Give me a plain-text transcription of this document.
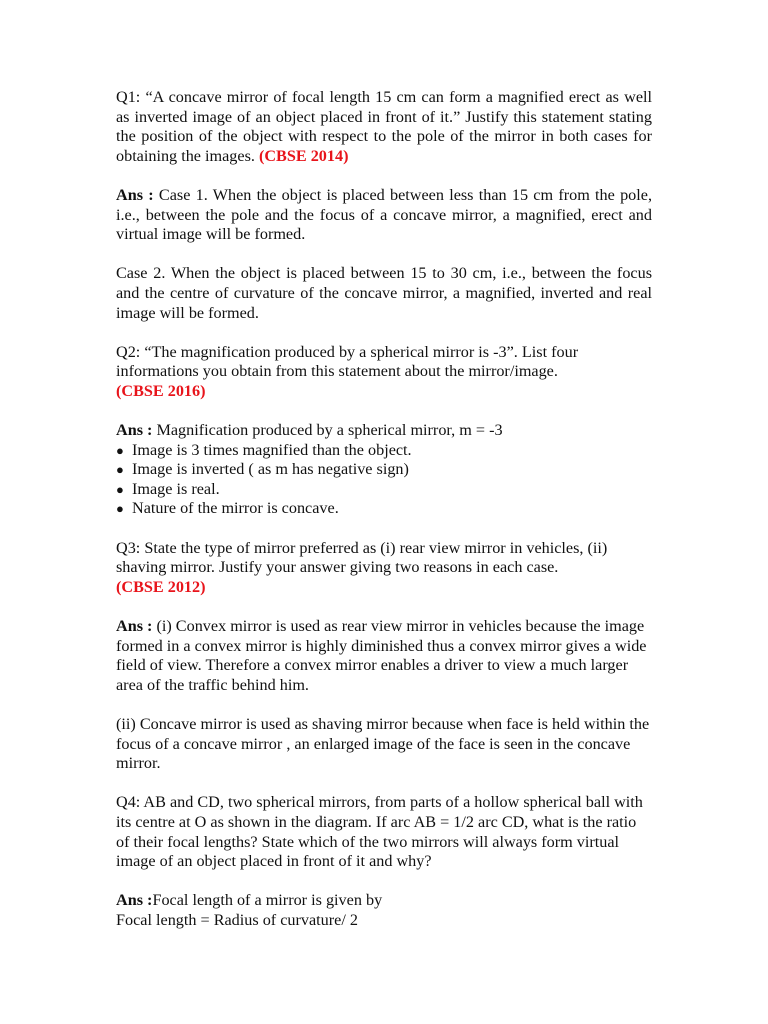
Q1: “A concave mirror of focal length 15 cm can form a magnified erect as well as inverted image of an object placed in front of it.” Justify this statement stating the position of the object with respect to the pole of the mirror in both cases for obtaining the images. (CBSE 2014)

Ans : Case 1. When the object is placed between less than 15 cm from the pole, i.e., between the pole and the focus of a concave mirror, a magnified, erect and virtual image will be formed.

Case 2. When the object is placed between 15 to 30 cm, i.e., between the focus and the centre of curvature of the concave mirror, a magnified, inverted and real image will be formed.

Q2: “The magnification produced by a spherical mirror is -3”. List four informations you obtain from this statement about the mirror/image.
(CBSE 2016)

Ans : Magnification produced by a spherical mirror, m = -3
● Image is 3 times magnified than the object.
● Image is inverted ( as m has negative sign)
● Image is real.
● Nature of the mirror is concave.

Q3: State the type of mirror preferred as (i) rear view mirror in vehicles, (ii) shaving mirror. Justify your answer giving two reasons in each case.
(CBSE 2012)

Ans : (i) Convex mirror is used as rear view mirror in vehicles because the image formed in a convex mirror is highly diminished thus a convex mirror gives a wide field of view. Therefore a convex mirror enables a driver to view a much larger area of the traffic behind him.

(ii) Concave mirror is used as shaving mirror because when face is held within the focus of a concave mirror , an enlarged image of the face is seen in the concave mirror.

Q4: AB and CD, two spherical mirrors, from parts of a hollow spherical ball with its centre at O as shown in the diagram. If arc AB = 1/2 arc CD, what is the ratio of their focal lengths? State which of the two mirrors will always form virtual image of an object placed in front of it and why?

Ans :Focal length of a mirror is given by
Focal length = Radius of curvature/ 2
